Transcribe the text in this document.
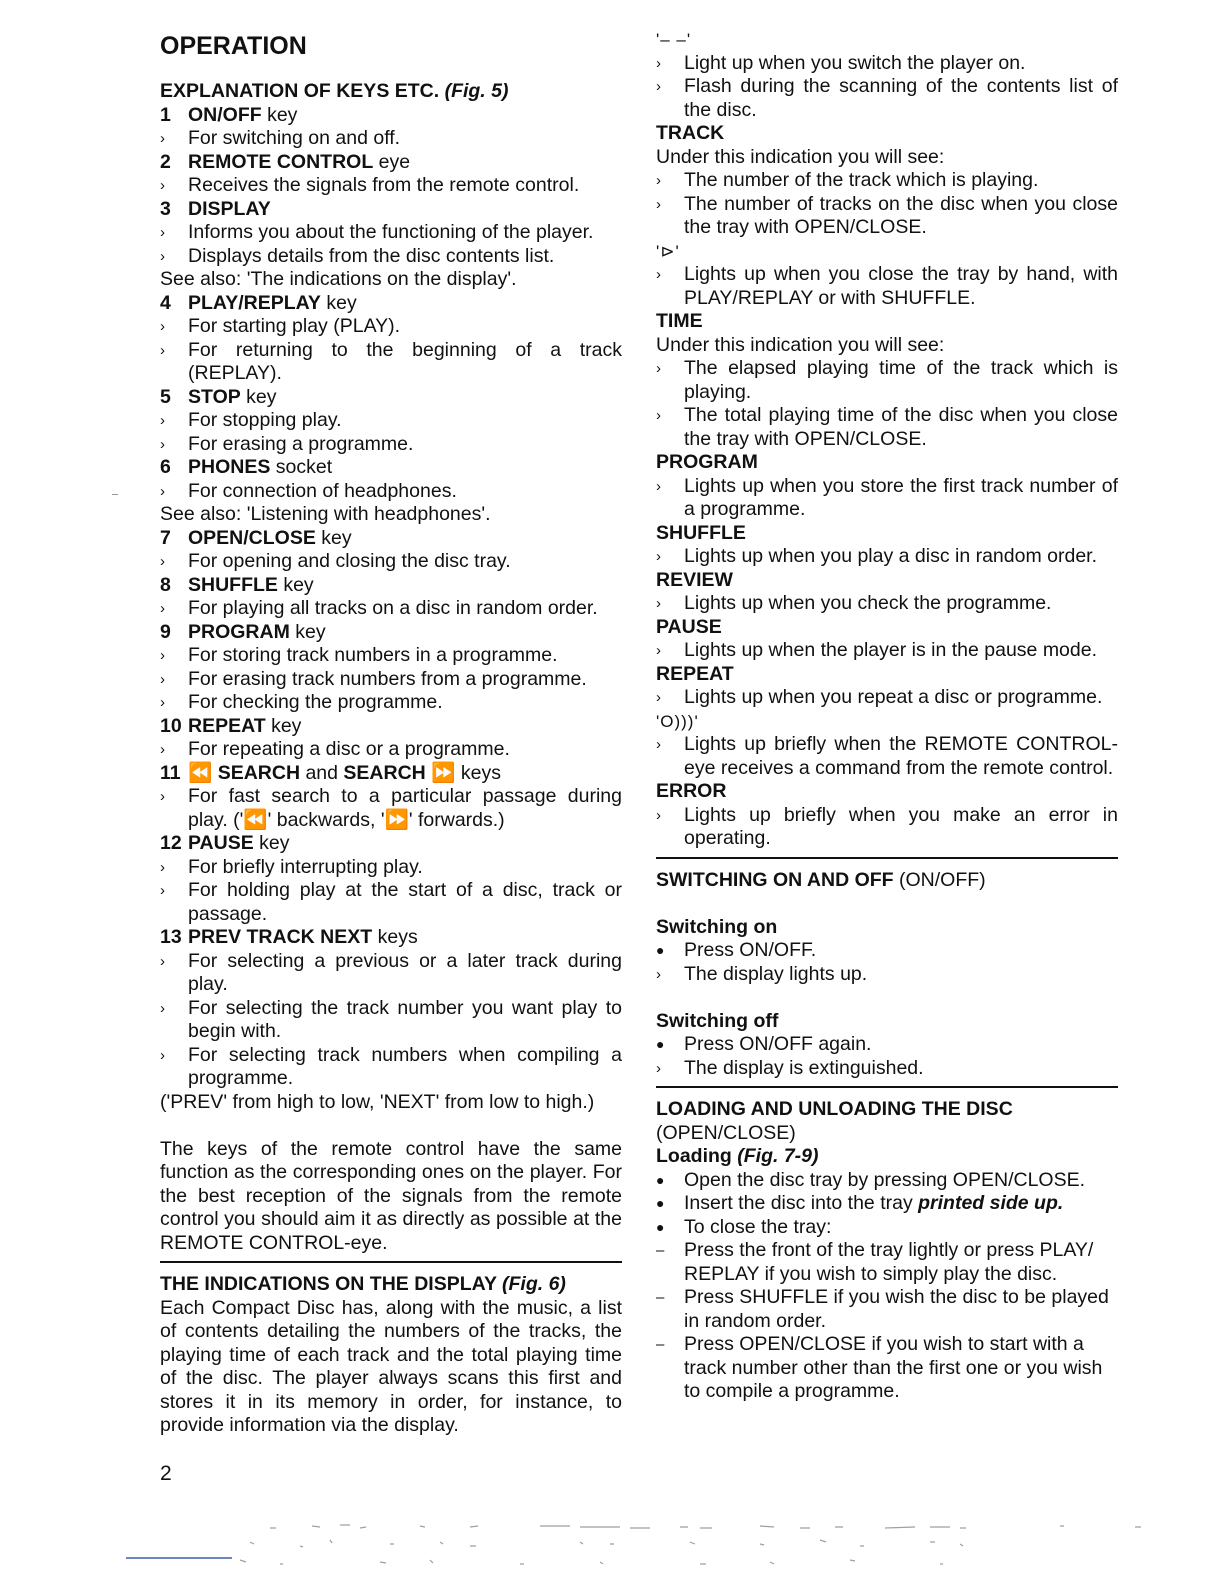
OPERATION
EXPLANATION OF KEYS ETC. (Fig. 5)
1 ON/OFF key
›	For switching on and off.
2 REMOTE CONTROL eye
›	Receives the signals from the remote control.
3 DISPLAY
›	Informs you about the functioning of the player.
›	Displays details from the disc contents list.
See also: 'The indications on the display'.
4 PLAY/REPLAY key
›	For starting play (PLAY).
›	For returning to the beginning of a track (REPLAY).
5 STOP key
›	For stopping play.
›	For erasing a programme.
6 PHONES socket
›	For connection of headphones.
See also: 'Listening with headphones'.
7 OPEN/CLOSE key
›	For opening and closing the disc tray.
8 SHUFFLE key
›	For playing all tracks on a disc in random order.
9 PROGRAM key
›	For storing track numbers in a programme.
›	For erasing track numbers from a programme.
›	For checking the programme.
10 REPEAT key
›	For repeating a disc or a programme.
11 ⏪ SEARCH and SEARCH ⏩ keys
›	For fast search to a particular passage during play. ('⏪' backwards, '⏩' forwards.)
12 PAUSE key
›	For briefly interrupting play.
›	For holding play at the start of a disc, track or passage.
13 PREV TRACK NEXT keys
›	For selecting a previous or a later track during play.
›	For selecting the track number you want play to begin with.
›	For selecting track numbers when compiling a programme.
('PREV' from high to low, 'NEXT' from low to high.)
The keys of the remote control have the same function as the corresponding ones on the player. For the best reception of the signals from the remote control you should aim it as directly as possible at the REMOTE CONTROL-eye.
THE INDICATIONS ON THE DISPLAY (Fig. 6)
Each Compact Disc has, along with the music, a list of contents detailing the numbers of the tracks, the playing time of each track and the total playing time of the disc. The player always scans this first and stores it in its memory in order, for instance, to provide information via the display.
'– –'
›	Light up when you switch the player on.
›	Flash during the scanning of the contents list of the disc.
TRACK
Under this indication you will see:
›	The number of the track which is playing.
›	The number of tracks on the disc when you close the tray with OPEN/CLOSE.
'⊳'
›	Lights up when you close the tray by hand, with PLAY/REPLAY or with SHUFFLE.
TIME
Under this indication you will see:
›	The elapsed playing time of the track which is playing.
›	The total playing time of the disc when you close the tray with OPEN/CLOSE.
PROGRAM
›	Lights up when you store the first track number of a programme.
SHUFFLE
›	Lights up when you play a disc in random order.
REVIEW
›	Lights up when you check the programme.
PAUSE
›	Lights up when the player is in the pause mode.
REPEAT
›	Lights up when you repeat a disc or programme.
'O)))'
›	Lights up briefly when the REMOTE CONTROL-eye receives a command from the remote control.
ERROR
›	Lights up briefly when you make an error in operating.
SWITCHING ON AND OFF (ON/OFF)
Switching on
●	Press ON/OFF.
›	The display lights up.
Switching off
●	Press ON/OFF again.
›	The display is extinguished.
LOADING AND UNLOADING THE DISC
(OPEN/CLOSE)
Loading (Fig. 7-9)
●	Open the disc tray by pressing OPEN/CLOSE.
●	Insert the disc into the tray printed side up.
●	To close the tray:
–	Press the front of the tray lightly or press PLAY/ REPLAY if you wish to simply play the disc.
–	Press SHUFFLE if you wish the disc to be played in random order.
–	Press OPEN/CLOSE if you wish to start with a track number other than the first one or you wish to compile a programme.
2
